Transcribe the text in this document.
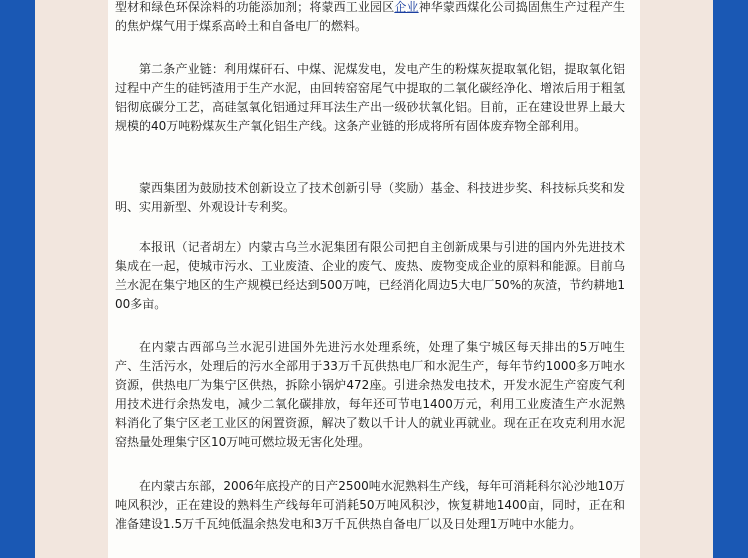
型材和绿色环保涂料的功能添加剂；将蒙西工业园区企业神华蒙西煤化公司捣固焦生产过程产生的焦炉煤气用于煤系高岭土和自备电厂的燃料。

第二条产业链：利用煤矸石、中煤、泥煤发电，发电产生的粉煤灰提取氧化铝，提取氧化铝过程中产生的硅钙渣用于生产水泥，由回转窑窑尾气中提取的二氧化碳经净化、增浓后用于粗氢铝彻底碳分工艺，高硅氢氧化铝通过拜耳法生产出一级砂状氧化铝。目前，正在建设世界上最大规模的40万吨粉煤灰生产氧化铝生产线。这条产业链的形成将所有固体废弃物全部利用。

蒙西集团为鼓励技术创新设立了技术创新引导（奖励）基金、科技进步奖、科技标兵奖和发明、实用新型、外观设计专利奖。

本报讯（记者胡左）内蒙古乌兰水泥集团有限公司把自主创新成果与引进的国内外先进技术集成在一起，使城市污水、工业废渣、企业的废气、废热、废物变成企业的原料和能源。目前乌兰水泥在集宁地区的生产规模已经达到500万吨，已经消化周边5大电厂50%的灰渣，节约耕地100多亩。

在内蒙古西部乌兰水泥引进国外先进污水处理系统，处理了集宁城区每天排出的5万吨生产、生活污水，处理后的污水全部用于33万千瓦供热电厂和水泥生产，每年节约1000多万吨水资源，供热电厂为集宁区供热，拆除小锅炉472座。引进余热发电技术，开发水泥生产窑废气利用技术进行余热发电，减少二氧化碳排放，每年还可节电1400万元，利用工业废渣生产水泥熟料消化了集宁区老工业区的闲置资源，解决了数以千计人的就业再就业。现在正在攻克利用水泥窑热量处理集宁区10万吨可燃垃圾无害化处理。

在内蒙古东部，2006年底投产的日产2500吨水泥熟料生产线，每年可消耗科尔沁沙地10万吨风积沙，正在建设的熟料生产线每年可消耗50万吨风积沙，恢复耕地1400亩，同时，正在和准备建设1.5万千瓦纯低温余热发电和3万千瓦供热自备电厂以及日处理1万吨中水能力。
